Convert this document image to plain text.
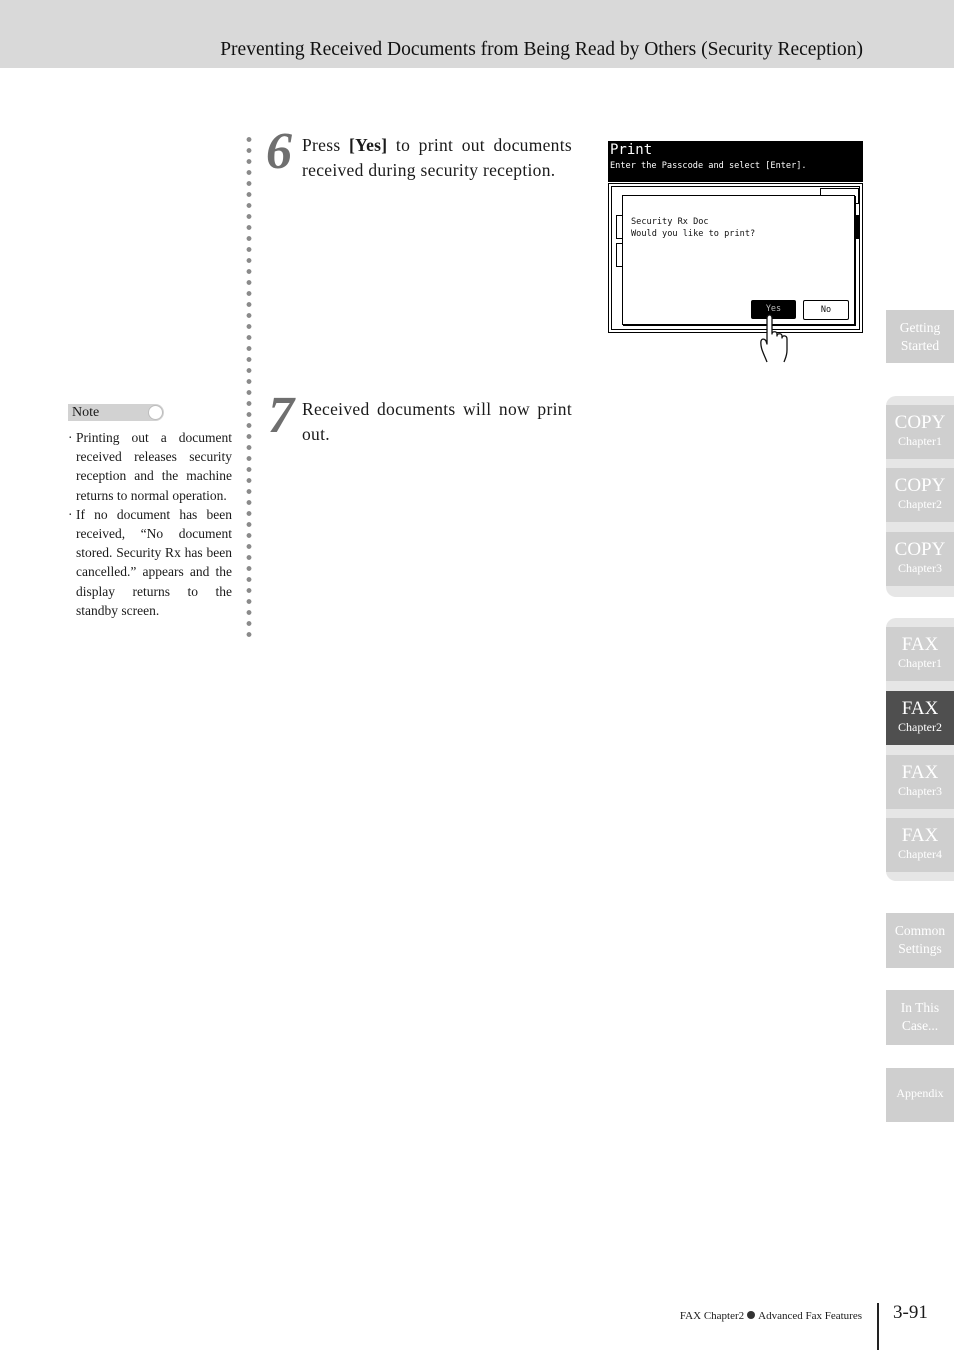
Preventing Received Documents from Being Read by Others (Security Reception)
6 Press [Yes] to print out documents received during security reception.
Print
Enter the Passcode and select [Enter].
Security Rx Doc
Would you like to print?
Yes	No
7 Received documents will now print out.
Note
· Printing out a document received releases security reception and the machine returns to normal operation.
· If no document has been received, “No document stored. Security Rx has been cancelled.” appears and the display returns to the standby screen.
Getting Started
COPY
Chapter1
COPY
Chapter2
COPY
Chapter3
FAX
Chapter1
FAX
Chapter2
FAX
Chapter3
FAX
Chapter4
Common Settings
In This Case...
Appendix
FAX Chapter2 Advanced Fax Features 3-91
